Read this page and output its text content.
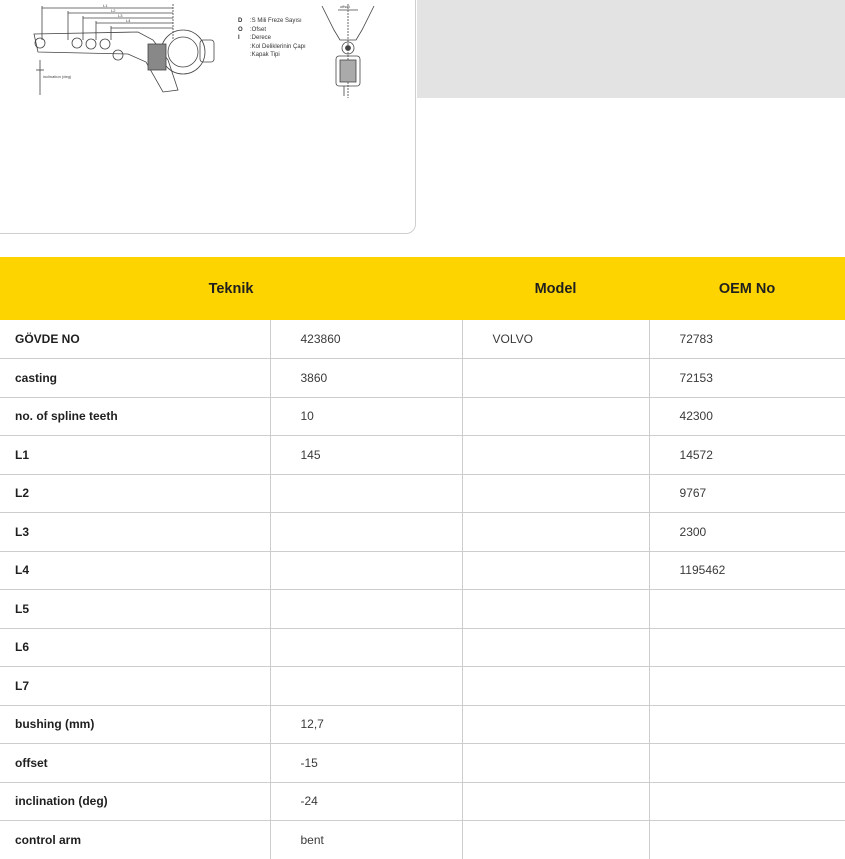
inclination (deg)
L1
L2
L3
L4	D	:S Mili Freze Sayısı
O	:Ofset
I	:Derece
:Kol Deliklerinin Çapı
:Kapak Tipi
offset
Teknik		Model	OEM No
GÖVDE NO	423860	VOLVO	72783
casting	3860		72153
no. of spline teeth	10		42300
L1	145		14572
L2			9767
L3			2300
L4			1195462
L5			
L6			
L7			
bushing (mm)	12,7		
offset	-15		
inclination (deg)	-24		
control arm	bent		
